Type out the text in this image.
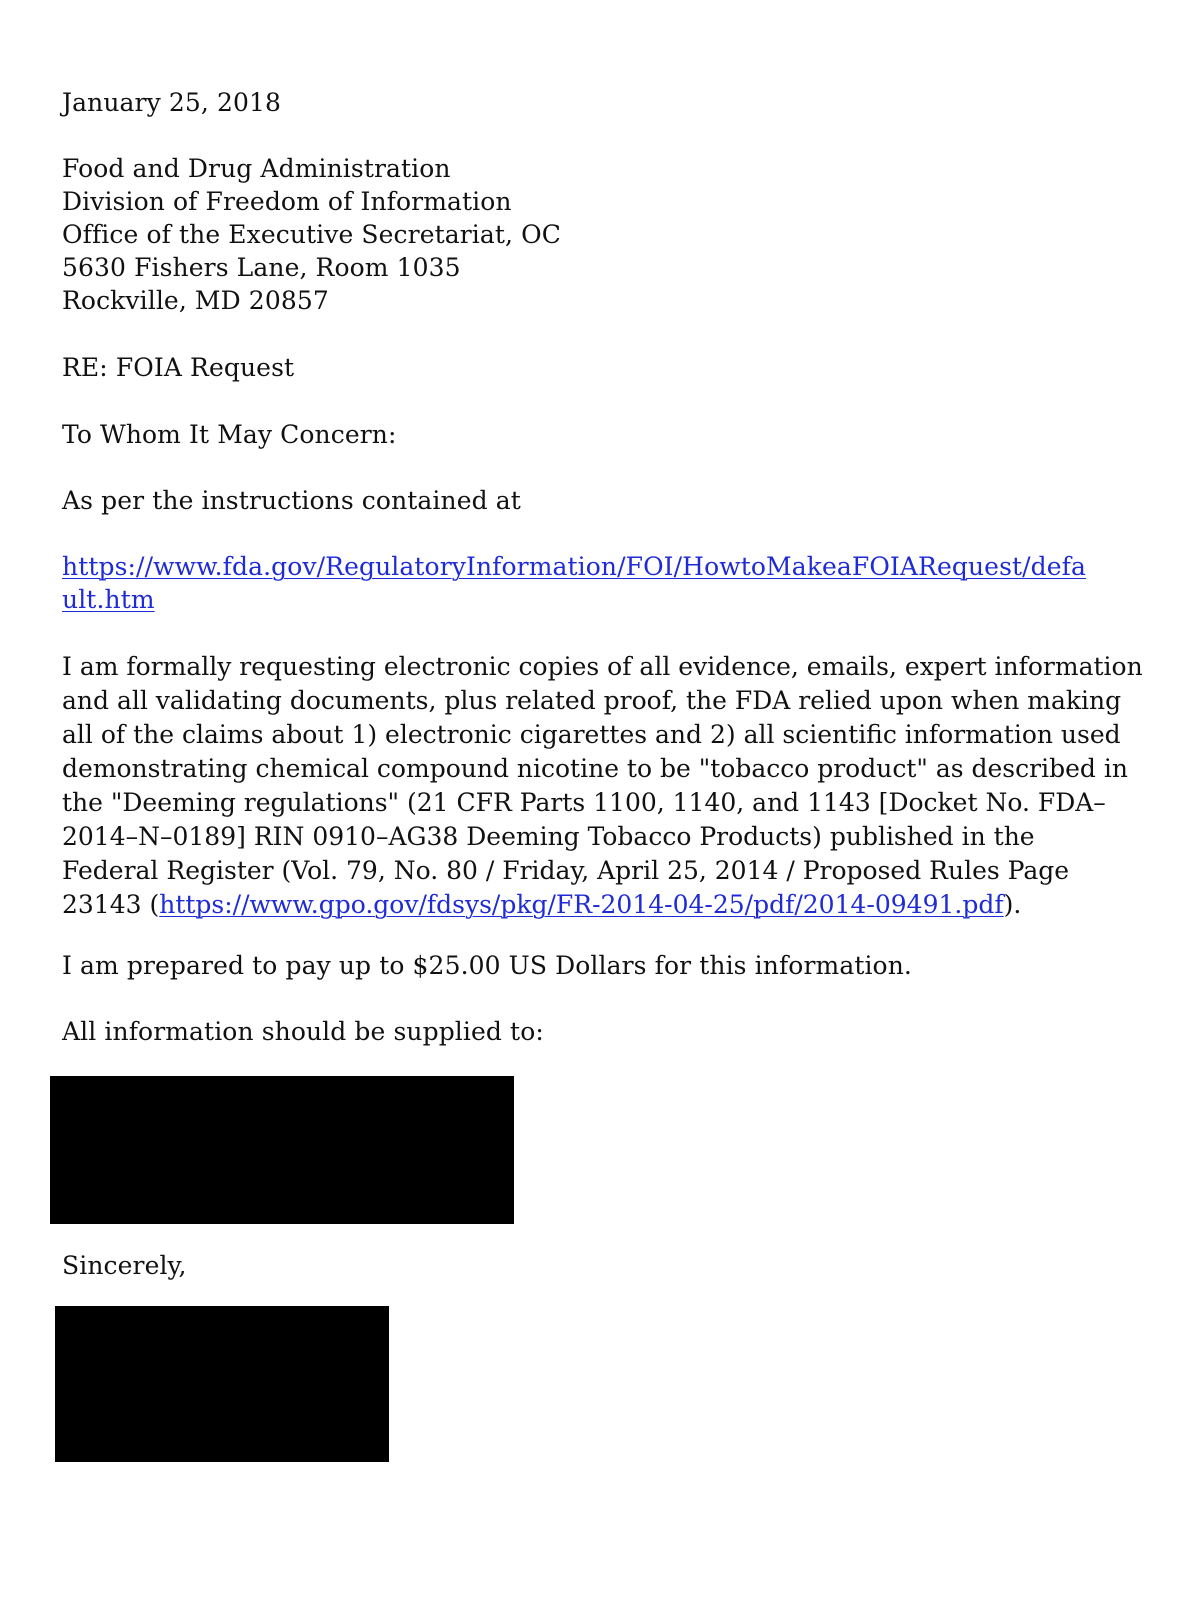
January 25, 2018
Food and Drug Administration
Division of Freedom of Information
Office of the Executive Secretariat, OC
5630 Fishers Lane, Room 1035
Rockville, MD 20857
RE: FOIA Request
To Whom It May Concern:
As per the instructions contained at
https://www.fda.gov/RegulatoryInformation/FOI/HowtoMakeaFOIARequest/defa
ult.htm
I am formally requesting electronic copies of all evidence, emails, expert information
and all validating documents, plus related proof, the FDA relied upon when making
all of the claims about 1) electronic cigarettes and 2) all scientific information used
demonstrating chemical compound nicotine to be "tobacco product" as described in
the "Deeming regulations" (21 CFR Parts 1100, 1140, and 1143 [Docket No. FDA–
2014–N–0189] RIN 0910–AG38 Deeming Tobacco Products) published in the
Federal Register (Vol. 79, No. 80 / Friday, April 25, 2014 / Proposed Rules Page
23143 (https://www.gpo.gov/fdsys/pkg/FR-2014-04-25/pdf/2014-09491.pdf).
I am prepared to pay up to $25.00 US Dollars for this information.
All information should be supplied to:
Sincerely,
